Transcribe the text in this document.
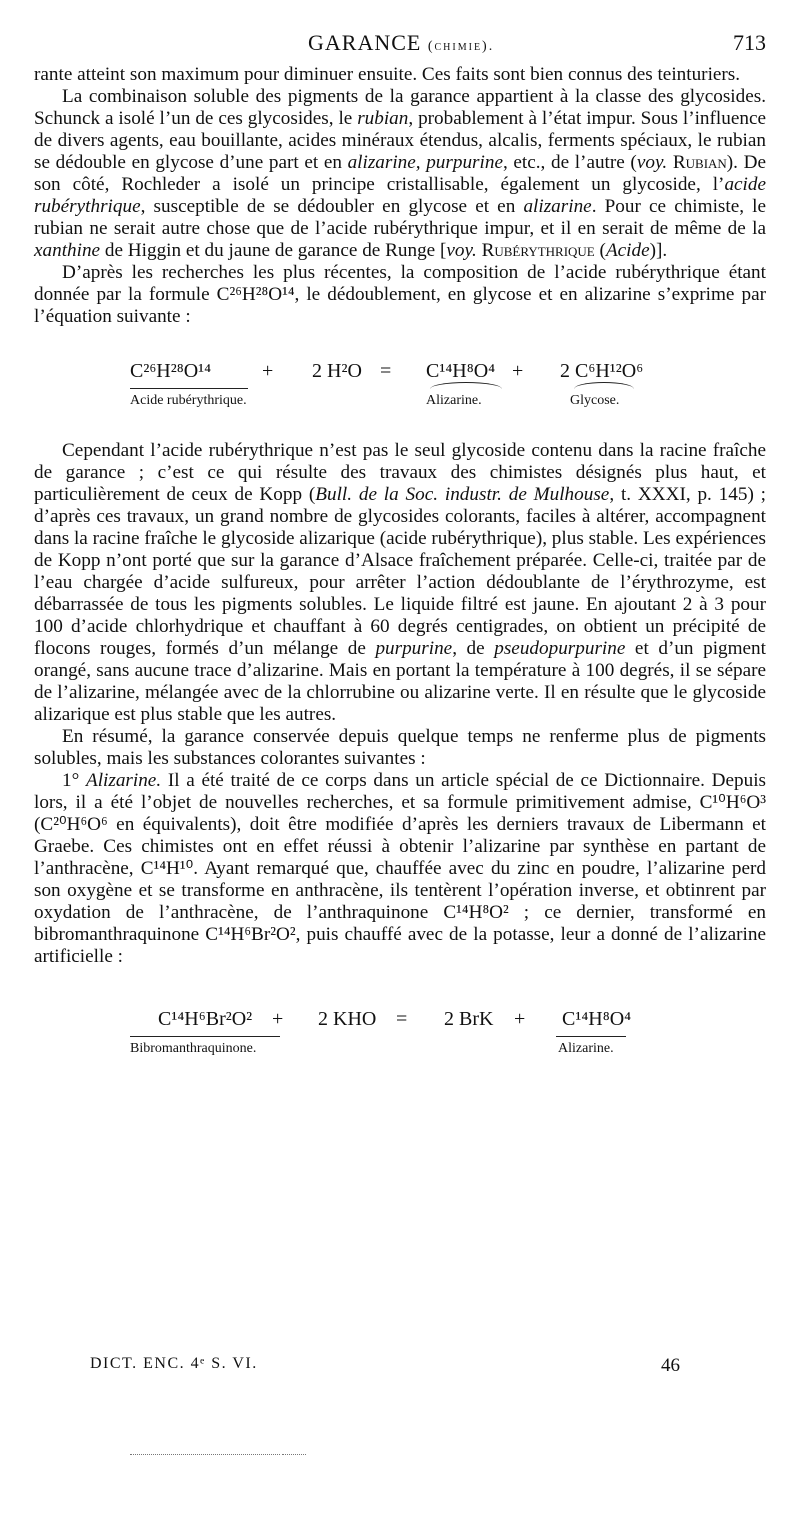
GARANCE (chimie).	713

rante atteint son maximum pour diminuer ensuite. Ces faits sont bien connus des teinturiers.

La combinaison soluble des pigments de la garance appartient à la classe des glycosides. Schunck a isolé l’un de ces glycosides, le rubian, probablement à l’état impur. Sous l’influence de divers agents, eau bouillante, acides minéraux étendus, alcalis, ferments spéciaux, le rubian se dédouble en glycose d’une part et en alizarine, purpurine, etc., de l’autre (voy. Rubian). De son côté, Rochleder a isolé un principe cristallisable, également un glycoside, l’acide rubérythrique, susceptible de se dédoubler en glycose et en alizarine. Pour ce chimiste, le rubian ne serait autre chose que de l’acide rubérythrique impur, et il en serait de même de la xanthine de Higgin et du jaune de garance de Runge [voy. Rubérythrique (Acide)].

D’après les recherches les plus récentes, la composition de l’acide rubérythrique étant donnée par la formule C²⁶H²⁸O¹⁴, le dédoublement, en glycose et en alizarine s’exprime par l’équation suivante :

C²⁶H²⁸O¹⁴	+ 2 H²O = C¹⁴H⁸O⁴ + 2 C⁶H¹²O⁶
Acide rubérythrique.	Alizarine.	Glycose.

Cependant l’acide rubérythrique n’est pas le seul glycoside contenu dans la racine fraîche de garance ; c’est ce qui résulte des travaux des chimistes désignés plus haut, et particulièrement de ceux de Kopp (Bull. de la Soc. industr. de Mulhouse, t. XXXI, p. 145) ; d’après ces travaux, un grand nombre de glycosides colorants, faciles à altérer, accompagnent dans la racine fraîche le glycoside alizarique (acide rubérythrique), plus stable. Les expériences de Kopp n’ont porté que sur la garance d’Alsace fraîchement préparée. Celle-ci, traitée par de l’eau chargée d’acide sulfureux, pour arrêter l’action dédoublante de l’érythrozyme, est débarrassée de tous les pigments solubles. Le liquide filtré est jaune. En ajoutant 2 à 3 pour 100 d’acide chlorhydrique et chauffant à 60 degrés centigrades, on obtient un précipité de flocons rouges, formés d’un mélange de purpurine, de pseudopurpurine et d’un pigment orangé, sans aucune trace d’alizarine. Mais en portant la température à 100 degrés, il se sépare de l’alizarine, mélangée avec de la chlorrubine ou alizarine verte. Il en résulte que le glycoside alizarique est plus stable que les autres.

En résumé, la garance conservée depuis quelque temps ne renferme plus de pigments solubles, mais les substances colorantes suivantes :

1° Alizarine. Il a été traité de ce corps dans un article spécial de ce Dictionnaire. Depuis lors, il a été l’objet de nouvelles recherches, et sa formule primitivement admise, C¹⁰H⁶O³ (C²⁰H⁶O⁶ en équivalents), doit être modifiée d’après les derniers travaux de Libermann et Graebe. Ces chimistes ont en effet réussi à obtenir l’alizarine par synthèse en partant de l’anthracène, C¹⁴H¹⁰. Ayant remarqué que, chauffée avec du zinc en poudre, l’alizarine perd son oxygène et se transforme en anthracène, ils tentèrent l’opération inverse, et obtinrent par oxydation de l’anthracène, de l’anthraquinone C¹⁴H⁸O² ; ce dernier, transformé en bibromanthraquinone C¹⁴H⁶Br²O², puis chauffé avec de la potasse, leur a donné de l’alizarine artificielle :

C¹⁴H⁶Br²O² + 2 KHO = 2 BrK + C¹⁴H⁸O⁴
Bibromanthraquinone.	Alizarine.
DICT. ENC. 4ᵉ S. VI.	46
